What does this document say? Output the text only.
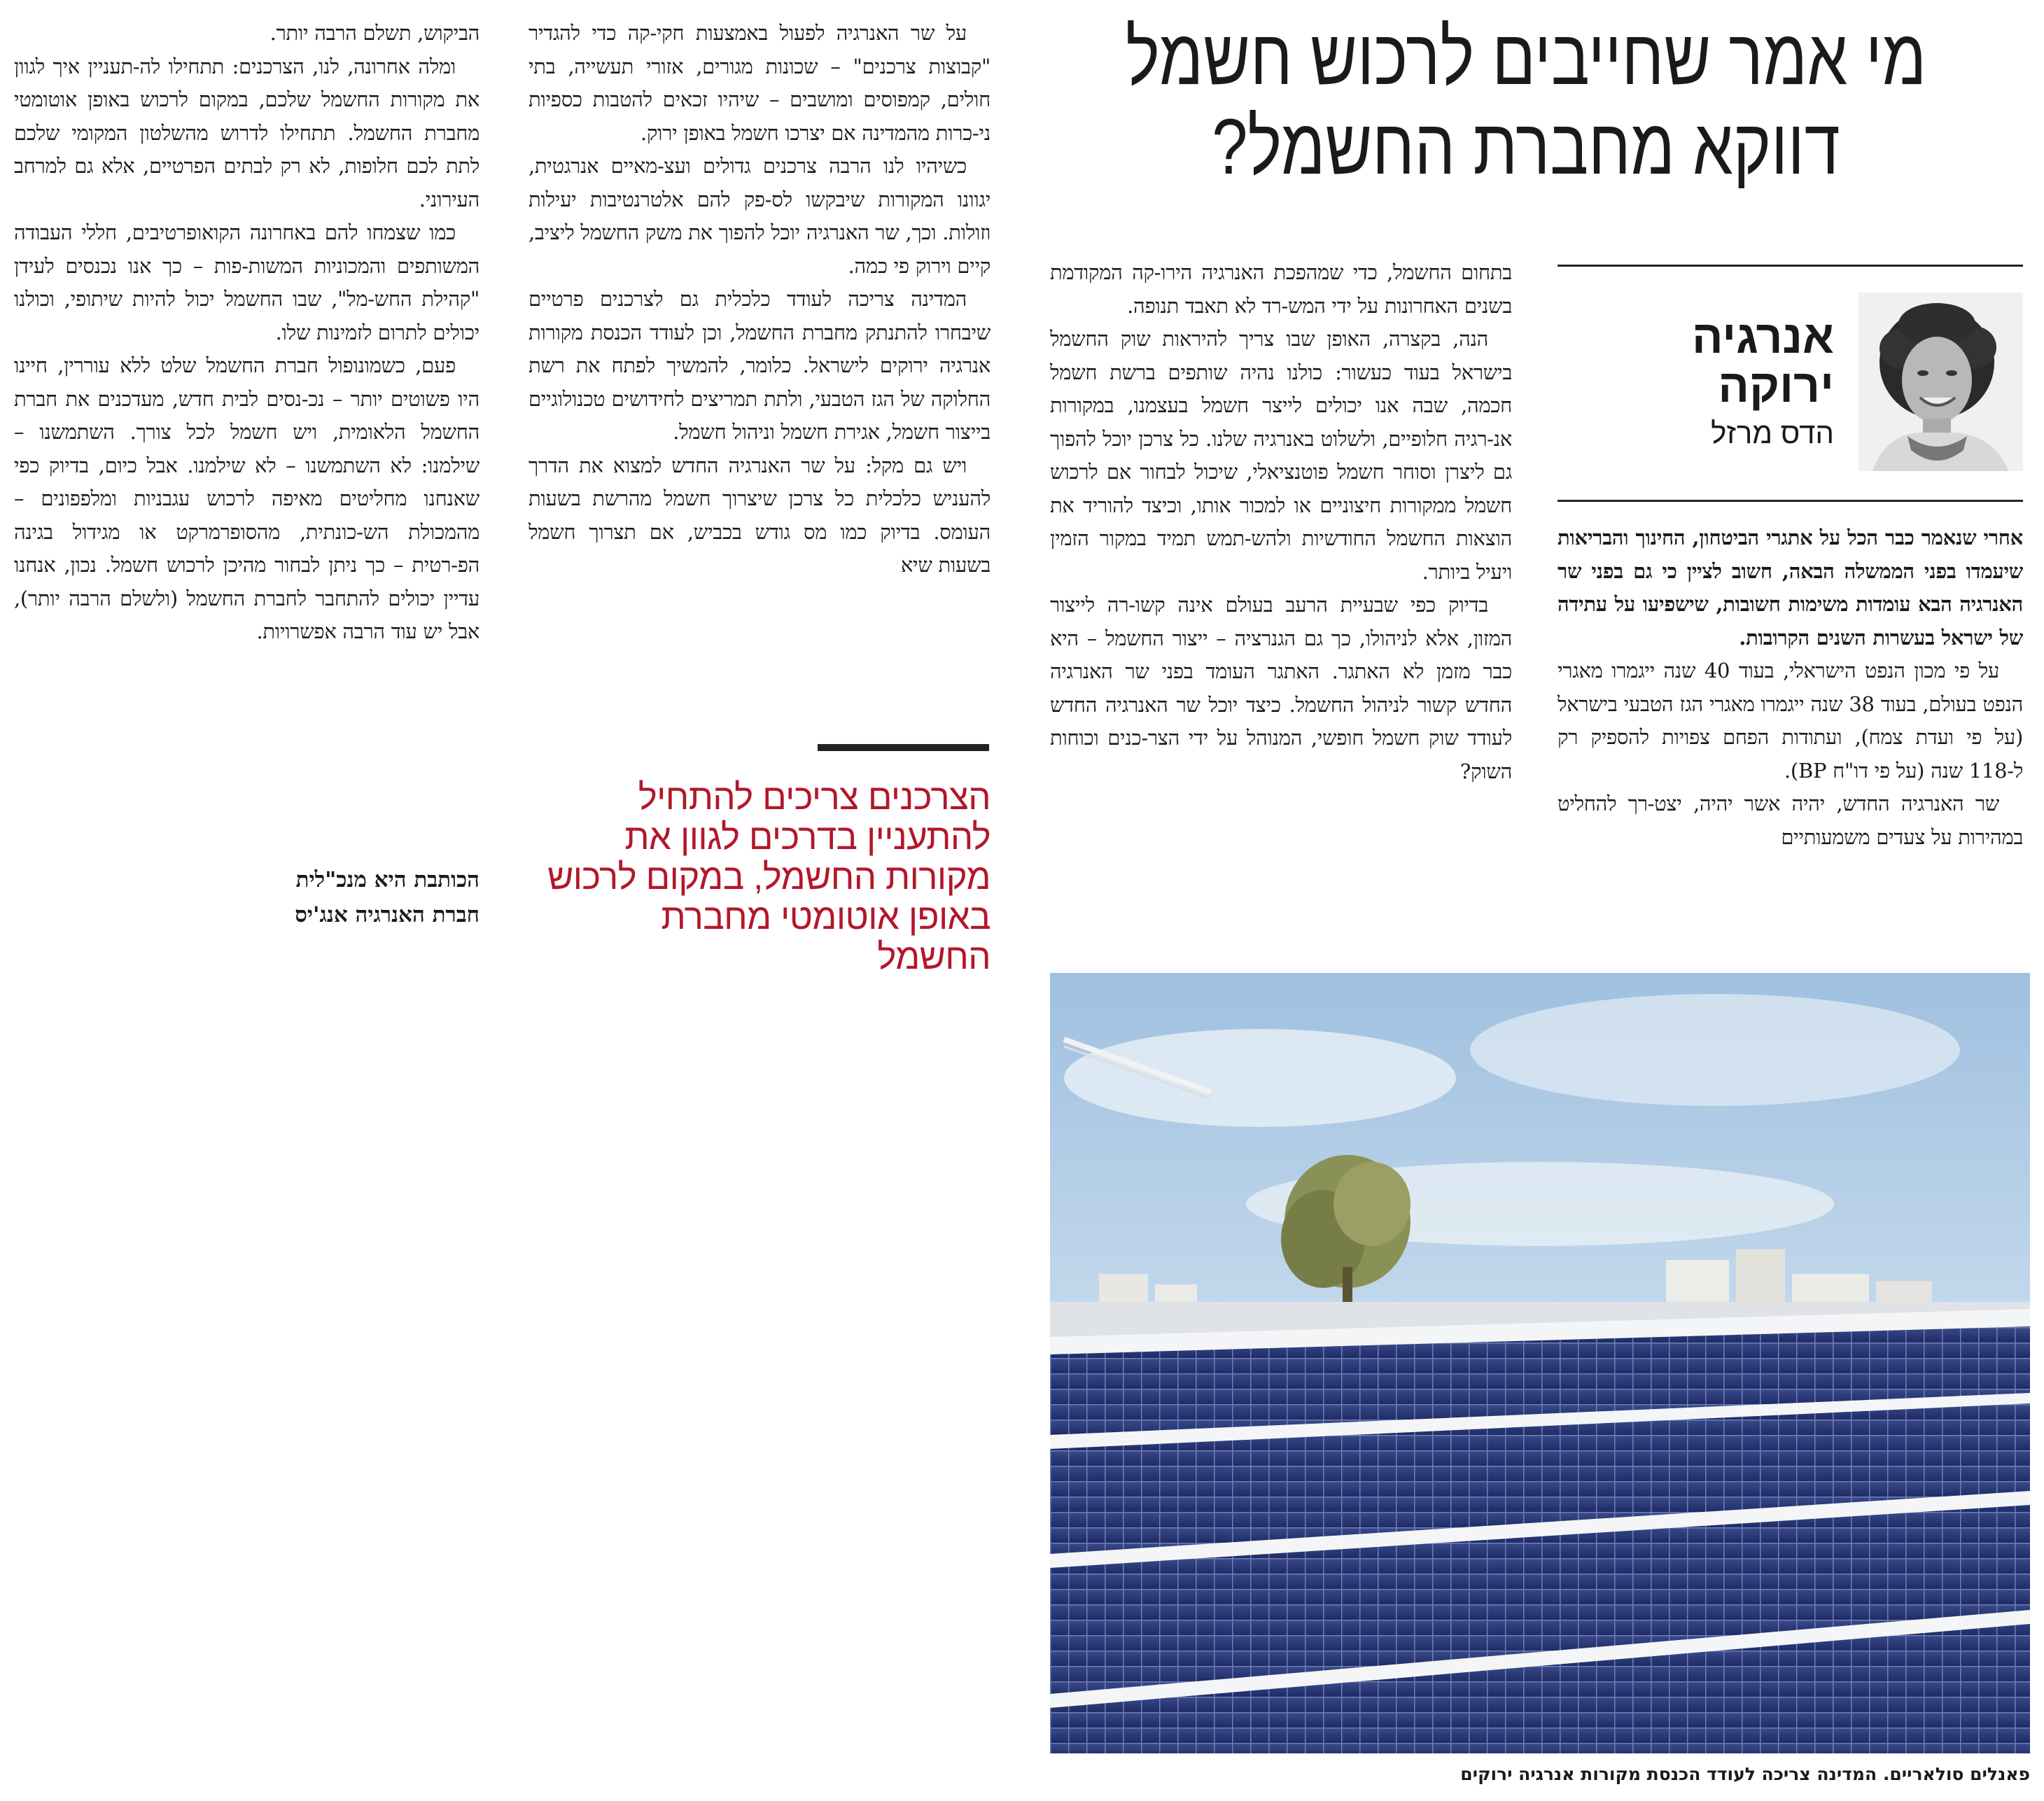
מי אמר שחייבים לרכוש חשמל
דווקא מחברת החשמל?
אנרגיה
ירוקה
הדס מרזל

אחרי שנאמר כבר הכל על אתגרי הביטחון, החינוך והבריאות שיעמדו בפני הממשלה הבאה, חשוב לציין כי גם בפני שר האנרגיה הבא עומדות משימות חשובות, שישפיעו על עתידה של ישראל בעשרות השנים הקרובות.

על פי מכון הנפט הישראלי, בעוד 40 שנה ייגמרו מאגרי הנפט בעולם, בעוד 38 שנה ייגמרו מאגרי הגז הטבעי בישראל (על פי ועדת צמח), ועתודות הפחם צפויות להספיק רק ל-118 שנה (על פי דו"ח BP).

שר האנרגיה החדש, יהיה אשר יהיה, יצט-רך להחליט במהירות על צעדים משמעותיים

בתחום החשמל, כדי שמהפכת האנרגיה הירו-קה המקודמת בשנים האחרונות על ידי המש-רד לא תאבד תנופה.

הנה, בקצרה, האופן שבו צריך להיראות שוק החשמל בישראל בעוד כעשור: כולנו נהיה שותפים ברשת חשמל חכמה, שבה אנו יכולים לייצר חשמל בעצמנו, במקורות אנ-רגיה חלופיים, ולשלוט באנרגיה שלנו. כל צרכן יוכל להפוך גם ליצרן וסוחר חשמל פוטנציאלי, שיכול לבחור אם לרכוש חשמל ממקורות חיצוניים או למכור אותו, וכיצד להוריד את הוצאות החשמל החודשיות ולהש-תמש תמיד במקור הזמין ויעיל ביותר.

בדיוק כפי שבעיית הרעב בעולם אינה קשו-רה לייצור המזון, אלא לניהולו, כך גם הגנרציה – ייצור החשמל – היא כבר מזמן לא האתגר. האתגר העומד בפני שר האנרגיה החדש קשור לניהול החשמל. כיצד יוכל שר האנרגיה החדש לעודד שוק חשמל חופשי, המנוהל על ידי הצר-כנים וכוחות השוק?

על שר האנרגיה לפעול באמצעות חקי-קה כדי להגדיר "קבוצות צרכנים" – שכונות מגורים, אזורי תעשייה, בתי חולים, קמפוסים ומושבים – שיהיו זכאים להטבות כספיות ני-כרות מהמדינה אם יצרכו חשמל באופן ירוק.

כשיהיו לנו הרבה צרכנים גדולים ועצ-מאיים אנרגטית, יגוונו המקורות שיבקשו לס-פק להם אלטרנטיבות יעילות וזולות. וכך, שר האנרגיה יוכל להפוך את משק החשמל ליציב, קיים וירוק פי כמה.

המדינה צריכה לעודד כלכלית גם לצרכנים פרטיים שיבחרו להתנתק מחברת החשמל, וכן לעודד הכנסת מקורות אנרגיה ירוקים לישראל. כלומר, להמשיך לפתח את רשת החלוקה של הגז הטבעי, ולתת תמריצים לחידושים טכנולוגיים בייצור חשמל, אגירת חשמל וניהול חשמל.

ויש גם מקל: על שר האנרגיה החדש למצוא את הדרך להעניש כלכלית כל צרכן שיצרוך חשמל מהרשת בשעות העומס. בדיוק כמו מס גודש בכביש, אם תצרוך חשמל בשעות שיא

הצרכנים צריכים להתחיל להתעניין בדרכים לגוון את מקורות החשמל, במקום לרכוש באופן אוטומטי מחברת החשמל

הביקוש, תשלם הרבה יותר.

ומלה אחרונה, לנו, הצרכנים: תתחילו לה-תעניין איך לגוון את מקורות החשמל שלכם, במקום לרכוש באופן אוטומטי מחברת החשמל. תתחילו לדרוש מהשלטון המקומי שלכם לתת לכם חלופות, לא רק לבתים הפרטיים, אלא גם למרחב העירוני.

כמו שצמחו להם באחרונה הקואופרטיבים, חללי העבודה המשותפים והמכוניות המשות-פות – כך אנו נכנסים לעידן "קהילת החש-מל", שבו החשמל יכול להיות שיתופי, וכולנו יכולים לתרום לזמינות שלו.

פעם, כשמונופול חברת החשמל שלט ללא עוררין, חיינו היו פשוטים יותר – נכ-נסים לבית חדש, מעדכנים את חברת החשמל הלאומית, ויש חשמל לכל צורך. השתמשנו – שילמנו: לא השתמשנו – לא שילמנו. אבל כיום, בדיוק כפי שאנחנו מחליטים מאיפה לרכוש עגבניות ומלפפונים – מהמכולת הש-כונתית, מהסופרמרקט או מגידול בגינה הפ-רטית – כך ניתן לבחור מהיכן לרכוש חשמל. נכון, אנחנו עדיין יכולים להתחבר לחברת החשמל (ולשלם הרבה יותר), אבל יש עוד הרבה אפשרויות.

הכותבת היא מנכ"לית
חברת האנרגיה אנג'יס
פאנלים סולאריים. המדינה צריכה לעודד הכנסת מקורות אנרגיה ירוקים
